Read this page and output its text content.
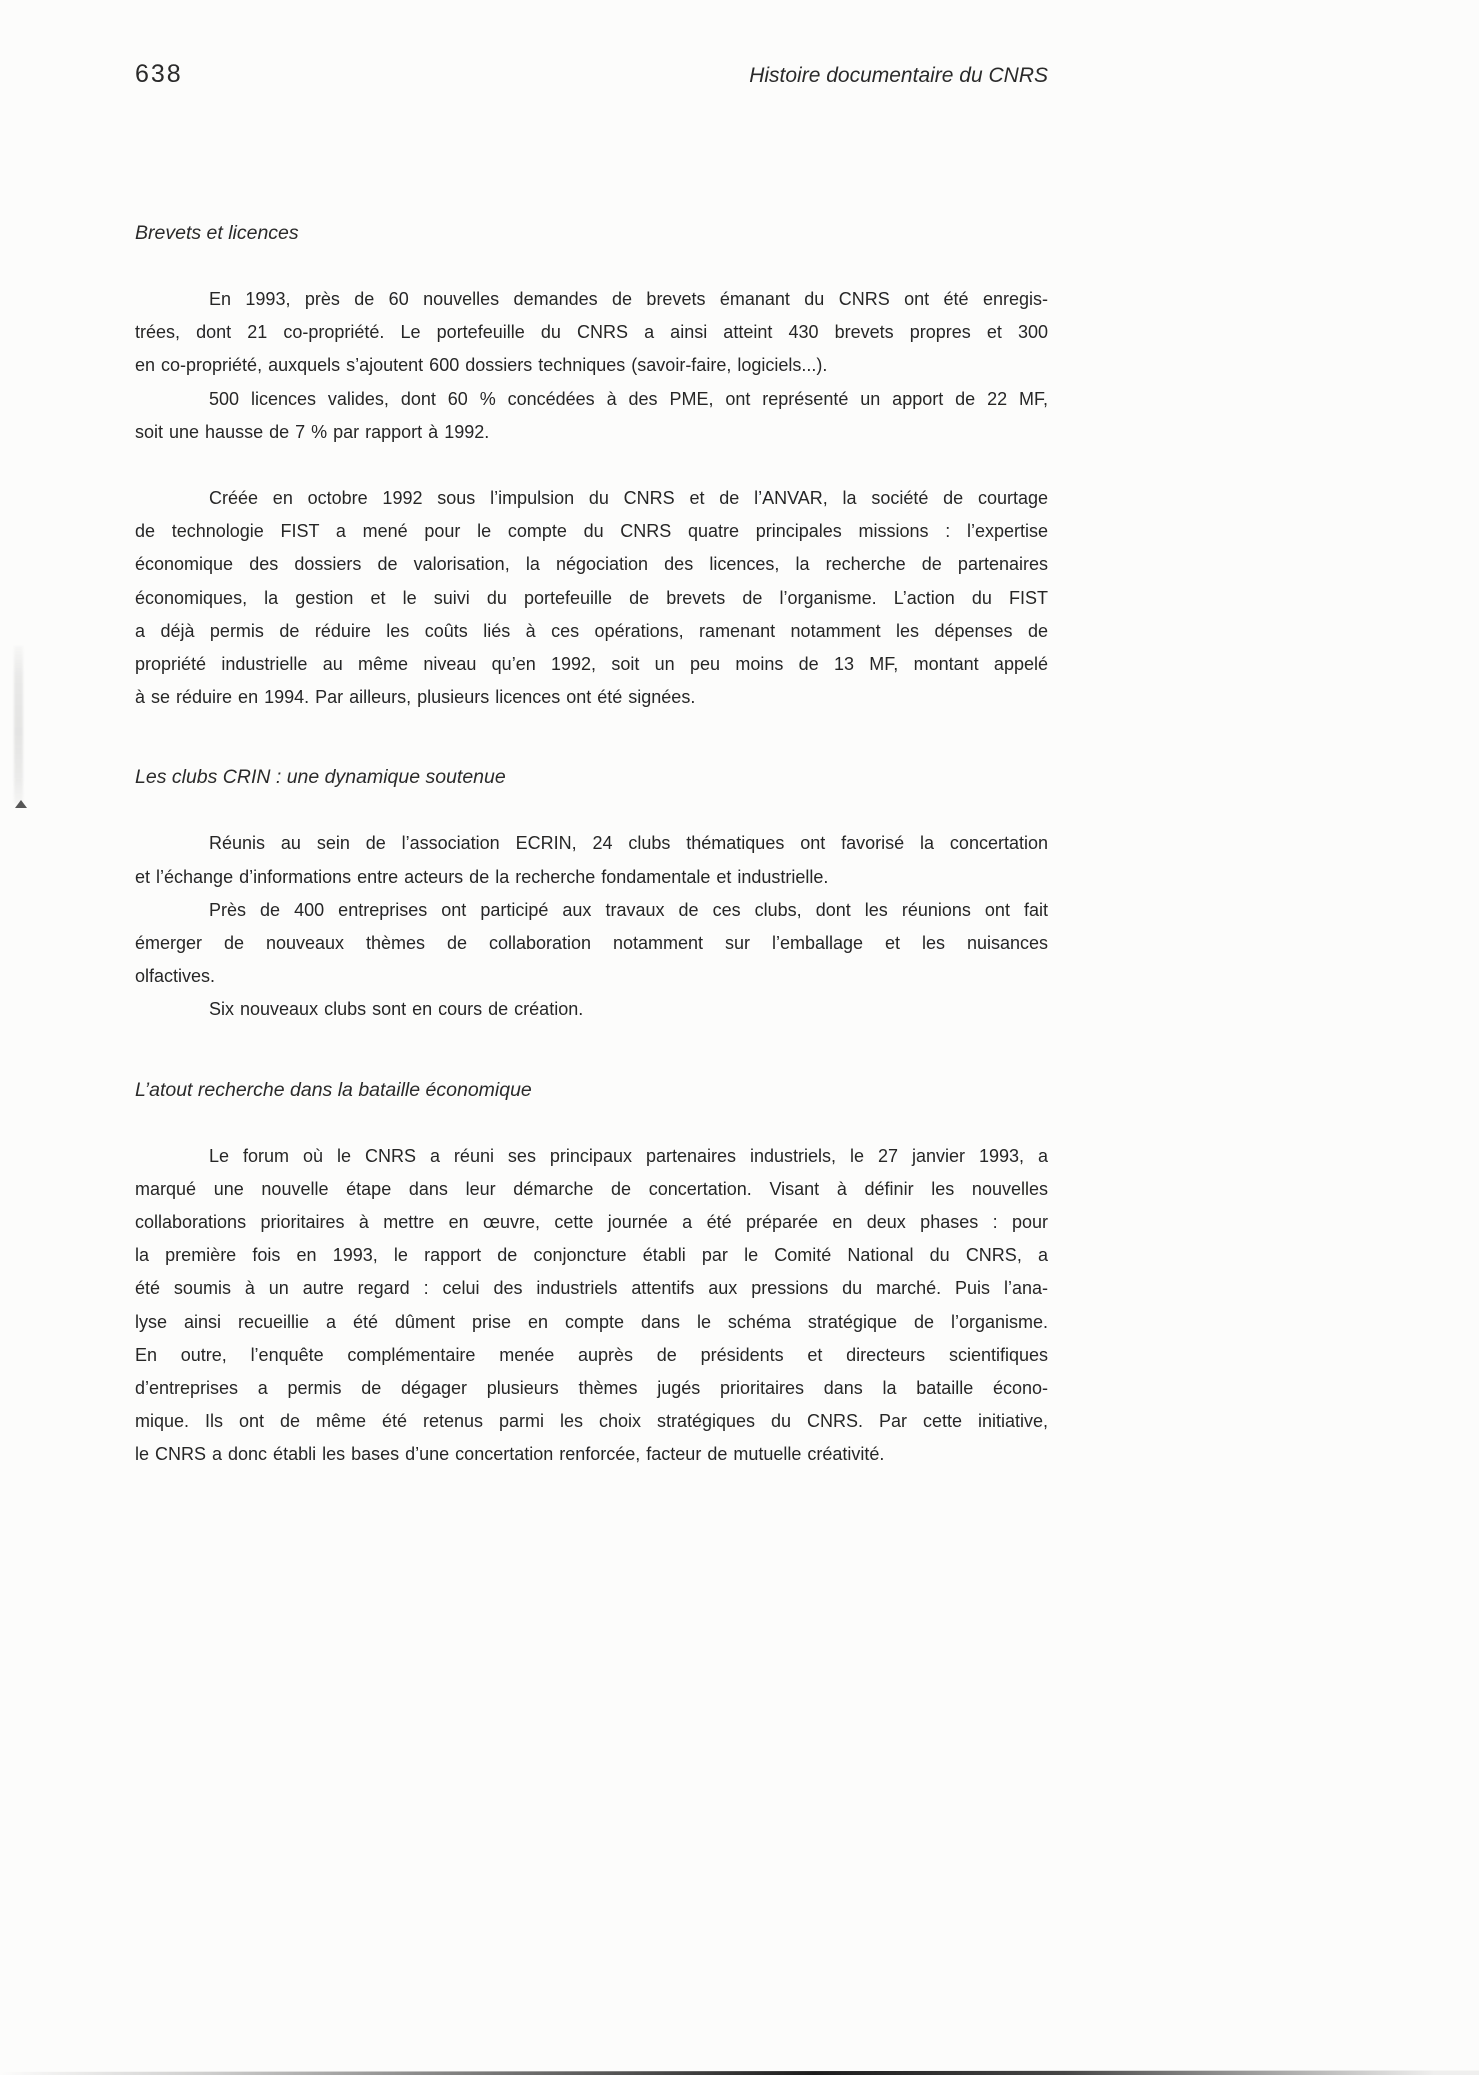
638	Histoire documentaire du CNRS
Brevets et licences
En 1993, près de 60 nouvelles demandes de brevets émanant du CNRS ont été enregis-
trées, dont 21 co-propriété. Le portefeuille du CNRS a ainsi atteint 430 brevets propres et 300
en co-propriété, auxquels s’ajoutent 600 dossiers techniques (savoir-faire, logiciels...).
500 licences valides, dont 60 % concédées à des PME, ont représenté un apport de 22 MF,
soit une hausse de 7 % par rapport à 1992.
Créée en octobre 1992 sous l’impulsion du CNRS et de l’ANVAR, la société de courtage
de technologie FIST a mené pour le compte du CNRS quatre principales missions : l’expertise
économique des dossiers de valorisation, la négociation des licences, la recherche de partenaires
économiques, la gestion et le suivi du portefeuille de brevets de l’organisme. L’action du FIST
a déjà permis de réduire les coûts liés à ces opérations, ramenant notamment les dépenses de
propriété industrielle au même niveau qu’en 1992, soit un peu moins de 13 MF, montant appelé
à se réduire en 1994. Par ailleurs, plusieurs licences ont été signées.
Les clubs CRIN : une dynamique soutenue
Réunis au sein de l’association ECRIN, 24 clubs thématiques ont favorisé la concertation
et l’échange d’informations entre acteurs de la recherche fondamentale et industrielle.
Près de 400 entreprises ont participé aux travaux de ces clubs, dont les réunions ont fait
émerger de nouveaux thèmes de collaboration notamment sur l’emballage et les nuisances
olfactives.
Six nouveaux clubs sont en cours de création.
L’atout recherche dans la bataille économique
Le forum où le CNRS a réuni ses principaux partenaires industriels, le 27 janvier 1993, a
marqué une nouvelle étape dans leur démarche de concertation. Visant à définir les nouvelles
collaborations prioritaires à mettre en œuvre, cette journée a été préparée en deux phases : pour
la première fois en 1993, le rapport de conjoncture établi par le Comité National du CNRS, a
été soumis à un autre regard : celui des industriels attentifs aux pressions du marché. Puis l’ana-
lyse ainsi recueillie a été dûment prise en compte dans le schéma stratégique de l’organisme.
En outre, l’enquête complémentaire menée auprès de présidents et directeurs scientifiques
d’entreprises a permis de dégager plusieurs thèmes jugés prioritaires dans la bataille écono-
mique. Ils ont de même été retenus parmi les choix stratégiques du CNRS. Par cette initiative,
le CNRS a donc établi les bases d’une concertation renforcée, facteur de mutuelle créativité.
